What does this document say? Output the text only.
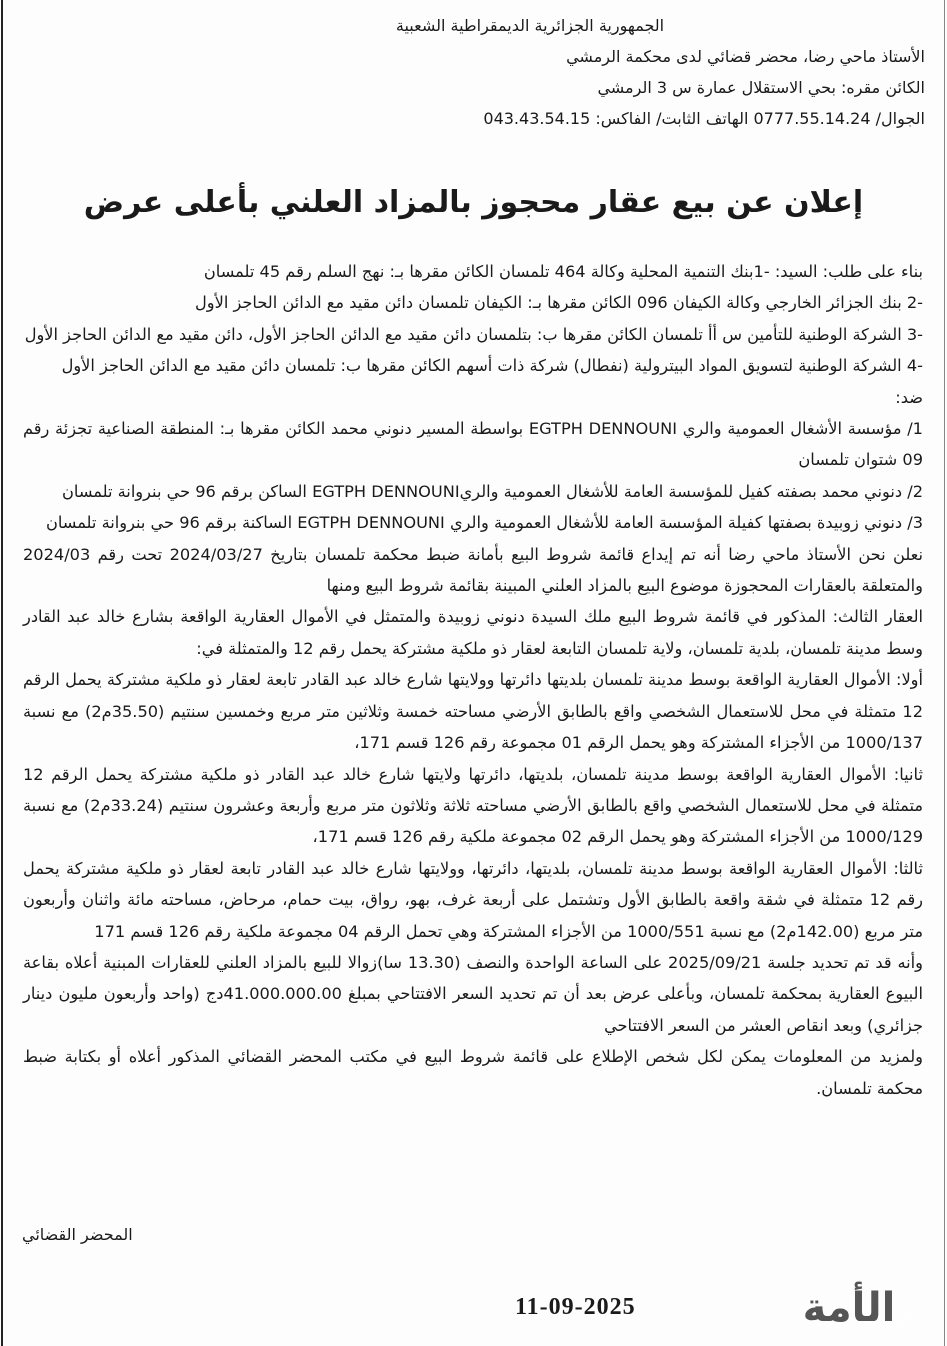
الجمهورية الجزائرية الديمقراطية الشعبية
الأستاذ ماحي رضا، محضر قضائي لدى محكمة الرمشي
الكائن مقره: بحي الاستقلال عمارة س 3 الرمشي
الجوال/ 0777.55.14.24 الهاتف الثابت/ الفاكس: 043.43.54.15
إعلان عن بيع عقار محجوز بالمزاد العلني بأعلى عرض

بناء على طلب: السيد: -1بنك التنمية المحلية وكالة 464 تلمسان الكائن مقرها بـ: نهج السلم رقم 45 تلمسان

-2 بنك الجزائر الخارجي وكالة الكيفان 096 الكائن مقرها بـ: الكيفان تلمسان دائن مقيد مع الدائن الحاجز الأول

-3 الشركة الوطنية للتأمين س أأ تلمسان الكائن مقرها ب: بتلمسان دائن مقيد مع الدائن الحاجز الأول، دائن مقيد مع الدائن الحاجز الأول

-4 الشركة الوطنية لتسويق المواد البيترولية (نفطال) شركة ذات أسهم الكائن مقرها ب: تلمسان دائن مقيد مع الدائن الحاجز الأول

ضد:

1/ مؤسسة الأشغال العمومية والري EGTPH DENNOUNI بواسطة المسير دنوني محمد الكائن مقرها بـ: المنطقة الصناعية تجزئة رقم 09 شتوان تلمسان

2/ دنوني محمد بصفته كفيل للمؤسسة العامة للأشغال العمومية والريEGTPH DENNOUNI الساكن برقم 96 حي بنروانة تلمسان

3/ دنوني زوبيدة بصفتها كفيلة المؤسسة العامة للأشغال العمومية والري EGTPH DENNOUNI الساكنة برقم 96 حي بنروانة تلمسان

نعلن نحن الأستاذ ماحي رضا أنه تم إيداع قائمة شروط البيع بأمانة ضبط محكمة تلمسان بتاريخ 2024/03/27 تحت رقم 2024/03 والمتعلقة بالعقارات المحجوزة موضوع البيع بالمزاد العلني المبينة بقائمة شروط البيع ومنها

العقار الثالث: المذكور في قائمة شروط البيع ملك السيدة دنوني زوبيدة والمتمثل في الأموال العقارية الواقعة بشارع خالد عبد القادر وسط مدينة تلمسان، بلدية تلمسان، ولاية تلمسان التابعة لعقار ذو ملكية مشتركة يحمل رقم 12 والمتمثلة في:

أولا: الأموال العقارية الواقعة بوسط مدينة تلمسان بلديتها دائرتها وولايتها شارع خالد عبد القادر تابعة لعقار ذو ملكية مشتركة يحمل الرقم 12 متمثلة في محل للاستعمال الشخصي واقع بالطابق الأرضي مساحته خمسة وثلاثين متر مربع وخمسين سنتيم (35.50م2) مع نسبة 1000/137 من الأجزاء المشتركة وهو يحمل الرقم 01 مجموعة رقم 126 قسم 171،

ثانيا: الأموال العقارية الواقعة بوسط مدينة تلمسان، بلديتها، دائرتها ولايتها شارع خالد عبد القادر ذو ملكية مشتركة يحمل الرقم 12 متمثلة في محل للاستعمال الشخصي واقع بالطابق الأرضي مساحته ثلاثة وثلاثون متر مربع وأربعة وعشرون سنتيم (33.24م2) مع نسبة 1000/129 من الأجزاء المشتركة وهو يحمل الرقم 02 مجموعة ملكية رقم 126 قسم 171،

ثالثا: الأموال العقارية الواقعة بوسط مدينة تلمسان، بلديتها، دائرتها، وولايتها شارع خالد عبد القادر تابعة لعقار ذو ملكية مشتركة يحمل رقم 12 متمثلة في شقة واقعة بالطابق الأول وتشتمل على أربعة غرف، بهو، رواق، بيت حمام، مرحاض، مساحته مائة واثنان وأربعون متر مربع (142.00م2) مع نسبة 1000/551 من الأجزاء المشتركة وهي تحمل الرقم 04 مجموعة ملكية رقم 126 قسم 171

وأنه قد تم تحديد جلسة 2025/09/21 على الساعة الواحدة والنصف (13.30 سا)زوالا للبيع بالمزاد العلني للعقارات المبنية أعلاه بقاعة البيوع العقارية بمحكمة تلمسان، وبأعلى عرض بعد أن تم تحديد السعر الافتتاحي بمبلغ 41.000.000.00دج (واحد وأربعون مليون دينار جزائري) وبعد انقاص العشر من السعر الافتتاحي

ولمزيد من المعلومات يمكن لكل شخص الإطلاع على قائمة شروط البيع في مكتب المحضر القضائي المذكور أعلاه أو بكتابة ضبط محكمة تلمسان.

المحضر القضائي
11-09-2025	الأمة
